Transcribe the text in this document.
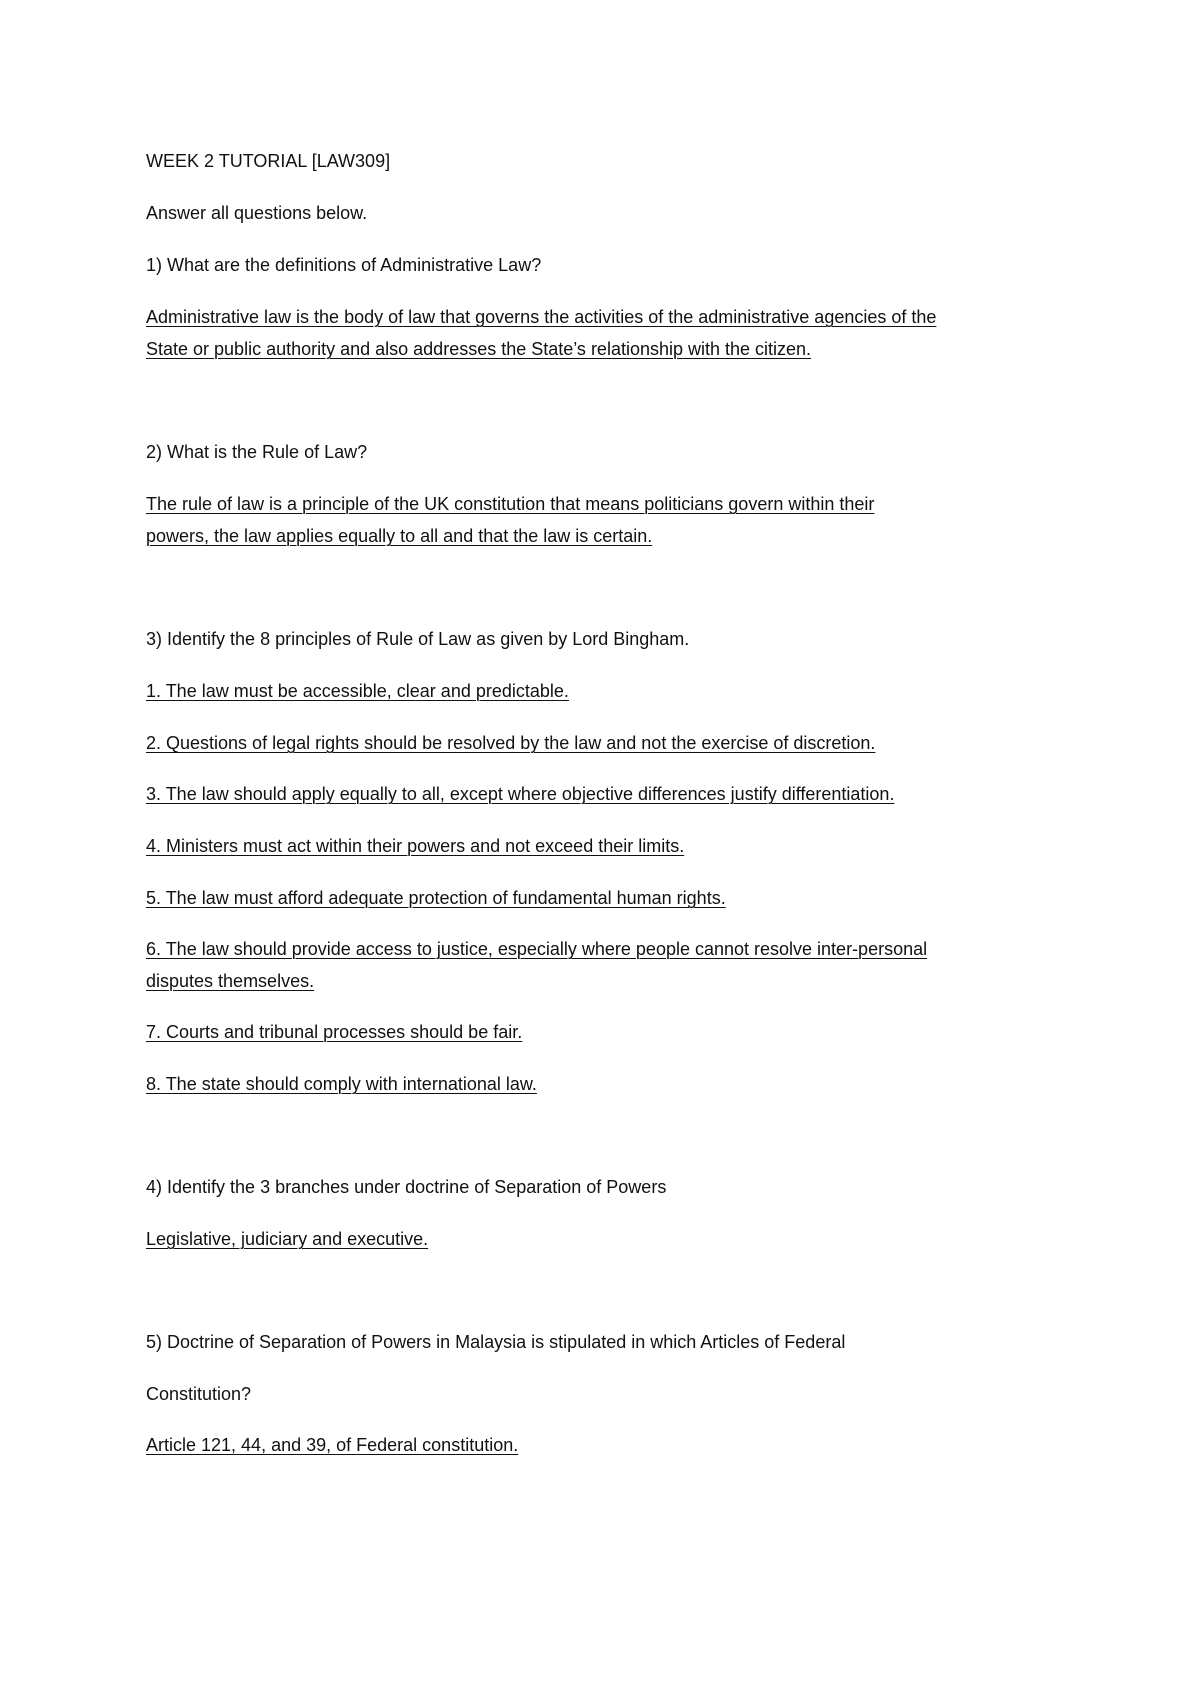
WEEK 2 TUTORIAL [LAW309]
Answer all questions below.
1) What are the definitions of Administrative Law?
Administrative law is the body of law that governs the activities of the administrative agencies of the
State or public authority and also addresses the State’s relationship with the citizen.
2) What is the Rule of Law?
The rule of law is a principle of the UK constitution that means politicians govern within their
powers, the law applies equally to all and that the law is certain.
3) Identify the 8 principles of Rule of Law as given by Lord Bingham.
1. The law must be accessible, clear and predictable.
2. Questions of legal rights should be resolved by the law and not the exercise of discretion.
3. The law should apply equally to all, except where objective differences justify differentiation.
4. Ministers must act within their powers and not exceed their limits.
5. The law must afford adequate protection of fundamental human rights.
6. The law should provide access to justice, especially where people cannot resolve inter-personal
disputes themselves.
7. Courts and tribunal processes should be fair.
8. The state should comply with international law.
4) Identify the 3 branches under doctrine of Separation of Powers
Legislative, judiciary and executive.
5) Doctrine of Separation of Powers in Malaysia is stipulated in which Articles of Federal
Constitution?
Article 121, 44, and 39, of Federal constitution.
